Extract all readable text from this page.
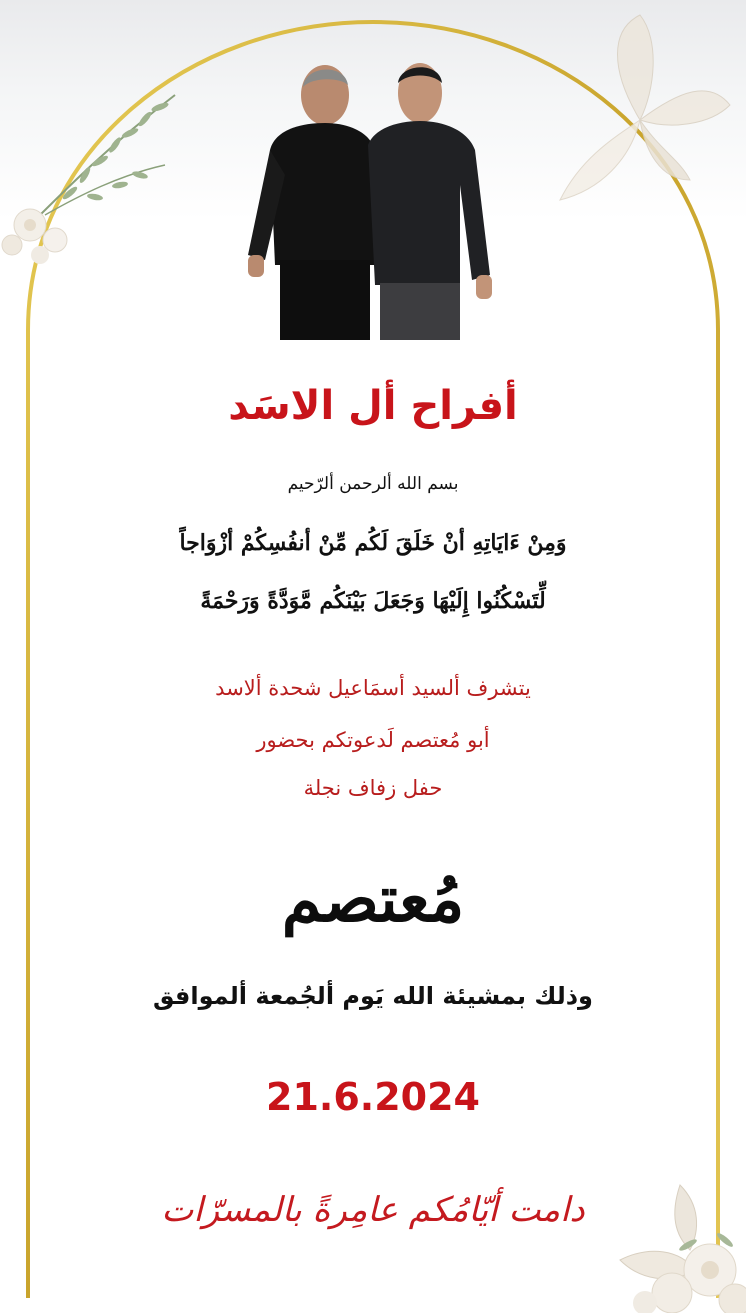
أفراح أل الاسَد
بسم الله ألرحمن ألرّحيم
وَمِنْ ءَايَاتِهِ أنْ خَلَقَ لَكُم مِّنْ أنفُسِكُمْ أزْوَاجاً
لِّتَسْكُنُوا إِلَيْهَا وَجَعَلَ بَيْنَكُم مَّوَدَّةً وَرَحْمَةً
يتشرف ألسيد أسمَاعيل شحدة ألاسد
أبو مُعتصم لَدعوتكم بحضور
حفل زفاف نجلة
مُعتصم
وذلك بمشيئة الله يَوم ألجُمعة ألموافق
21.6.2024
دامت أيّامُكم عامِرةً بالمسرّات
